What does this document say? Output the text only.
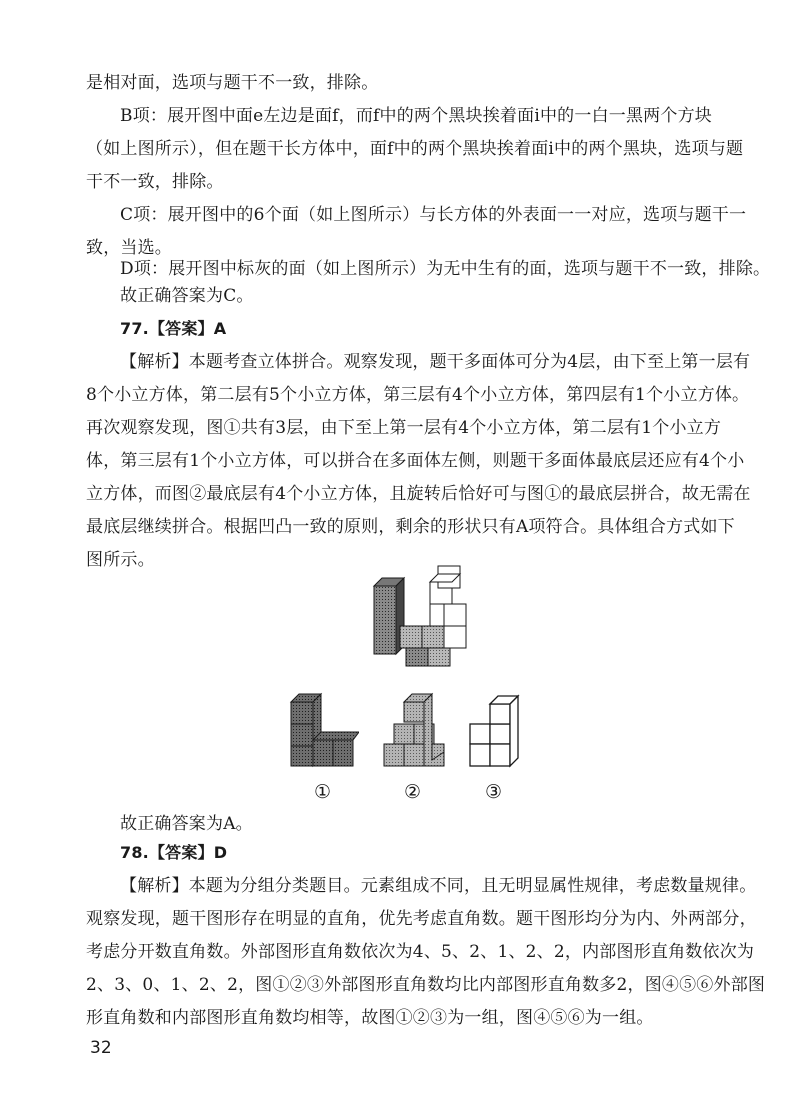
是相对面，选项与题干不一致，排除。
B项：展开图中面e左边是面f，而f中的两个黑块挨着面i中的一白一黑两个方块
（如上图所示），但在题干长方体中，面f中的两个黑块挨着面i中的两个黑块，选项与题
干不一致，排除。
C项：展开图中的6个面（如上图所示）与长方体的外表面一一对应，选项与题干一
致，当选。
D项：展开图中标灰的面（如上图所示）为无中生有的面，选项与题干不一致，排除。
故正确答案为C。
77.【答案】A
【解析】本题考查立体拼合。观察发现，题干多面体可分为4层，由下至上第一层有
8个小立方体，第二层有5个小立方体，第三层有4个小立方体，第四层有1个小立方体。
再次观察发现，图①共有3层，由下至上第一层有4个小立方体，第二层有1个小立方
体，第三层有1个小立方体，可以拼合在多面体左侧，则题干多面体最底层还应有4个小
立方体，而图②最底层有4个小立方体，且旋转后恰好可与图①的最底层拼合，故无需在
最底层继续拼合。根据凹凸一致的原则，剩余的形状只有A项符合。具体组合方式如下
图所示。
①	②	③
故正确答案为A。
78.【答案】D
【解析】本题为分组分类题目。元素组成不同，且无明显属性规律，考虑数量规律。
观察发现，题干图形存在明显的直角，优先考虑直角数。题干图形均分为内、外两部分，
考虑分开数直角数。外部图形直角数依次为4、5、2、1、2、2，内部图形直角数依次为
2、3、0、1、2、2，图①②③外部图形直角数均比内部图形直角数多2，图④⑤⑥外部图
形直角数和内部图形直角数均相等，故图①②③为一组，图④⑤⑥为一组。
32
